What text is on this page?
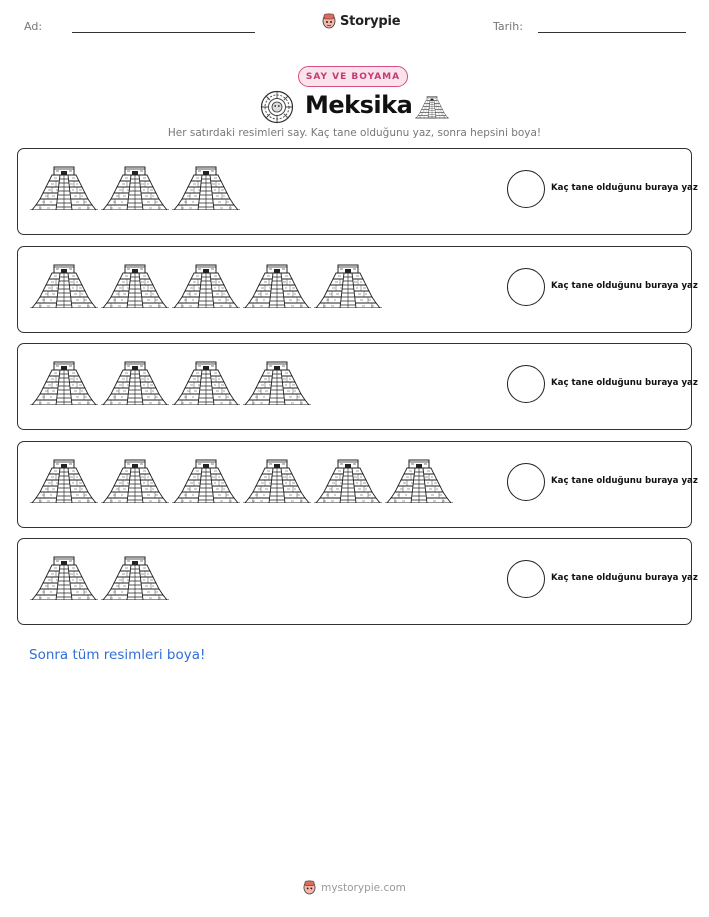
Ad:	Storypie	Tarih:
SAY VE BOYAMA
Meksika
Her satırdaki resimleri say. Kaç tane olduğunu yaz, sonra hepsini boya!
Kaç tane olduğunu buraya yaz
Kaç tane olduğunu buraya yaz
Kaç tane olduğunu buraya yaz
Kaç tane olduğunu buraya yaz
Kaç tane olduğunu buraya yaz
Sonra tüm resimleri boya!
mystorypie.com
